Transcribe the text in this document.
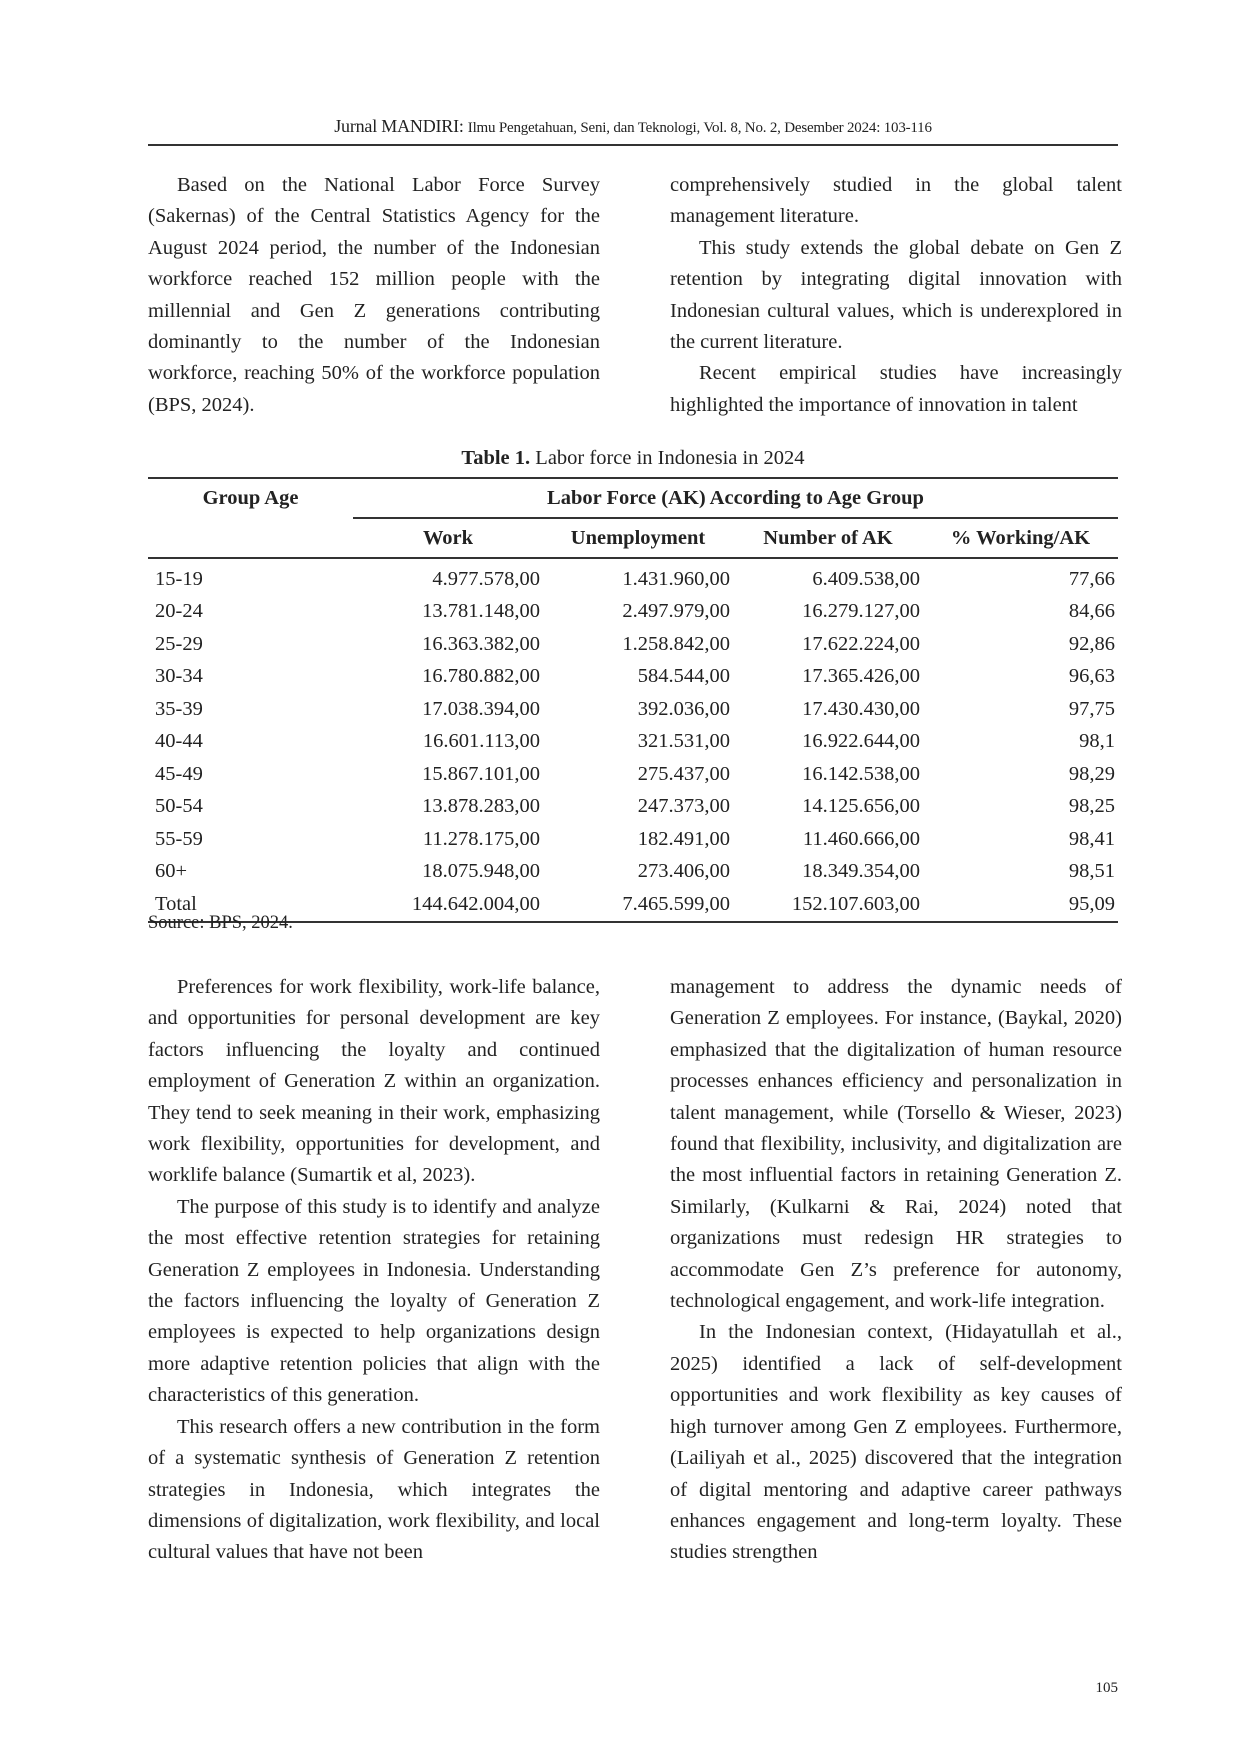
Jurnal MANDIRI: Ilmu Pengetahuan, Seni, dan Teknologi, Vol. 8, No. 2, Desember 2024: 103-116

Based on the National Labor Force Survey (Sakernas) of the Central Statistics Agency for the August 2024 period, the number of the Indonesian workforce reached 152 million people with the millennial and Gen Z generations contributing dominantly to the number of the Indonesian workforce, reaching 50% of the workforce population (BPS, 2024).

comprehensively studied in the global talent management literature.

This study extends the global debate on Gen Z retention by integrating digital innovation with Indonesian cultural values, which is underexplored in the current literature.

Recent empirical studies have increasingly highlighted the importance of innovation in talent

Table 1. Labor force in Indonesia in 2024
Group Age	Labor Force (AK) According to Age Group			
	Work	Unemployment	Number of AK	% Working/AK
15-19	4.977.578,00	1.431.960,00	6.409.538,00	77,66
20-24	13.781.148,00	2.497.979,00	16.279.127,00	84,66
25-29	16.363.382,00	1.258.842,00	17.622.224,00	92,86
30-34	16.780.882,00	584.544,00	17.365.426,00	96,63
35-39	17.038.394,00	392.036,00	17.430.430,00	97,75
40-44	16.601.113,00	321.531,00	16.922.644,00	98,1
45-49	15.867.101,00	275.437,00	16.142.538,00	98,29
50-54	13.878.283,00	247.373,00	14.125.656,00	98,25
55-59	11.278.175,00	182.491,00	11.460.666,00	98,41
60+	18.075.948,00	273.406,00	18.349.354,00	98,51
Total	144.642.004,00	7.465.599,00	152.107.603,00	95,09
Source: BPS, 2024.

Preferences for work flexibility, work-life balance, and opportunities for personal development are key factors influencing the loyalty and continued employment of Generation Z within an organization. They tend to seek meaning in their work, emphasizing work flexibility, opportunities for development, and worklife balance (Sumartik et al, 2023).

The purpose of this study is to identify and analyze the most effective retention strategies for retaining Generation Z employees in Indonesia. Understanding the factors influencing the loyalty of Generation Z employees is expected to help organizations design more adaptive retention policies that align with the characteristics of this generation.

This research offers a new contribution in the form of a systematic synthesis of Generation Z retention strategies in Indonesia, which integrates the dimensions of digitalization, work flexibility, and local cultural values that have not been

management to address the dynamic needs of Generation Z employees. For instance, (Baykal, 2020) emphasized that the digitalization of human resource processes enhances efficiency and personalization in talent management, while (Torsello & Wieser, 2023) found that flexibility, inclusivity, and digitalization are the most influential factors in retaining Generation Z. Similarly, (Kulkarni & Rai, 2024) noted that organizations must redesign HR strategies to accommodate Gen Z’s preference for autonomy, technological engagement, and work-life integration.

In the Indonesian context, (Hidayatullah et al., 2025) identified a lack of self-development opportunities and work flexibility as key causes of high turnover among Gen Z employees. Furthermore, (Lailiyah et al., 2025) discovered that the integration of digital mentoring and adaptive career pathways enhances engagement and long-term loyalty. These studies strengthen

105
